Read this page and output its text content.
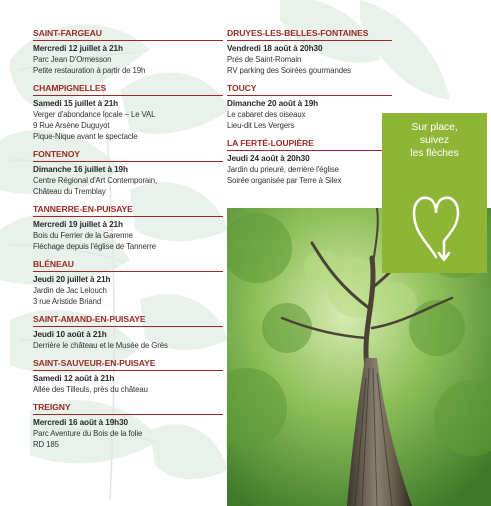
SAINT-FARGEAU
Mercredi 12 juillet à 21h
Parc Jean D'Ormesson
Petite restauration à partir de 19h
CHAMPIGNELLES
Samedi 15 juillet à 21h
Verger d'abondance locale – Le VAL
9 Rue Arsène Duguyot
Pique-Nique avant le spectacle
FONTENOY
Dimanche 16 juillet à 19h
Centre Régional d'Art Contemporain,
Château du Tremblay
TANNERRE-EN-PUISAYE
Mercredi 19 juillet à 21h
Bois du Ferrier de la Garenne
Fléchage depuis l'église de Tannerre
BLÉNEAU
Jeudi 20 juillet à 21h
Jardin de Jac Lelouch
3 rue Aristide Briand
SAINT-AMAND-EN-PUISAYE
Jeudi 10 août à 21h
Derrière le château et le Musée de Grès
SAINT-SAUVEUR-EN-PUISAYE
Samedi 12 août à 21h
Allée des Tilleuls, près du château
TREIGNY
Mercredi 16 août à 19h30
Parc Aventure du Bois de la folie
RD 185
DRUYES-LES-BELLES-FONTAINES
Vendredi 18 août à 20h30
Prés de Saint-Romain
RV parking des Soirées gourmandes
TOUCY
Dimanche 20 août à 19h
Le cabaret des oiseaux
Lieu-dit Les Vergers
LA FERTÉ-LOUPIÈRE
Jeudi 24 août à 20h30
Jardin du prieuré, derrière l'église
Soirée organisée par Terre à Silex
Sur place,
suivez
les flèches
